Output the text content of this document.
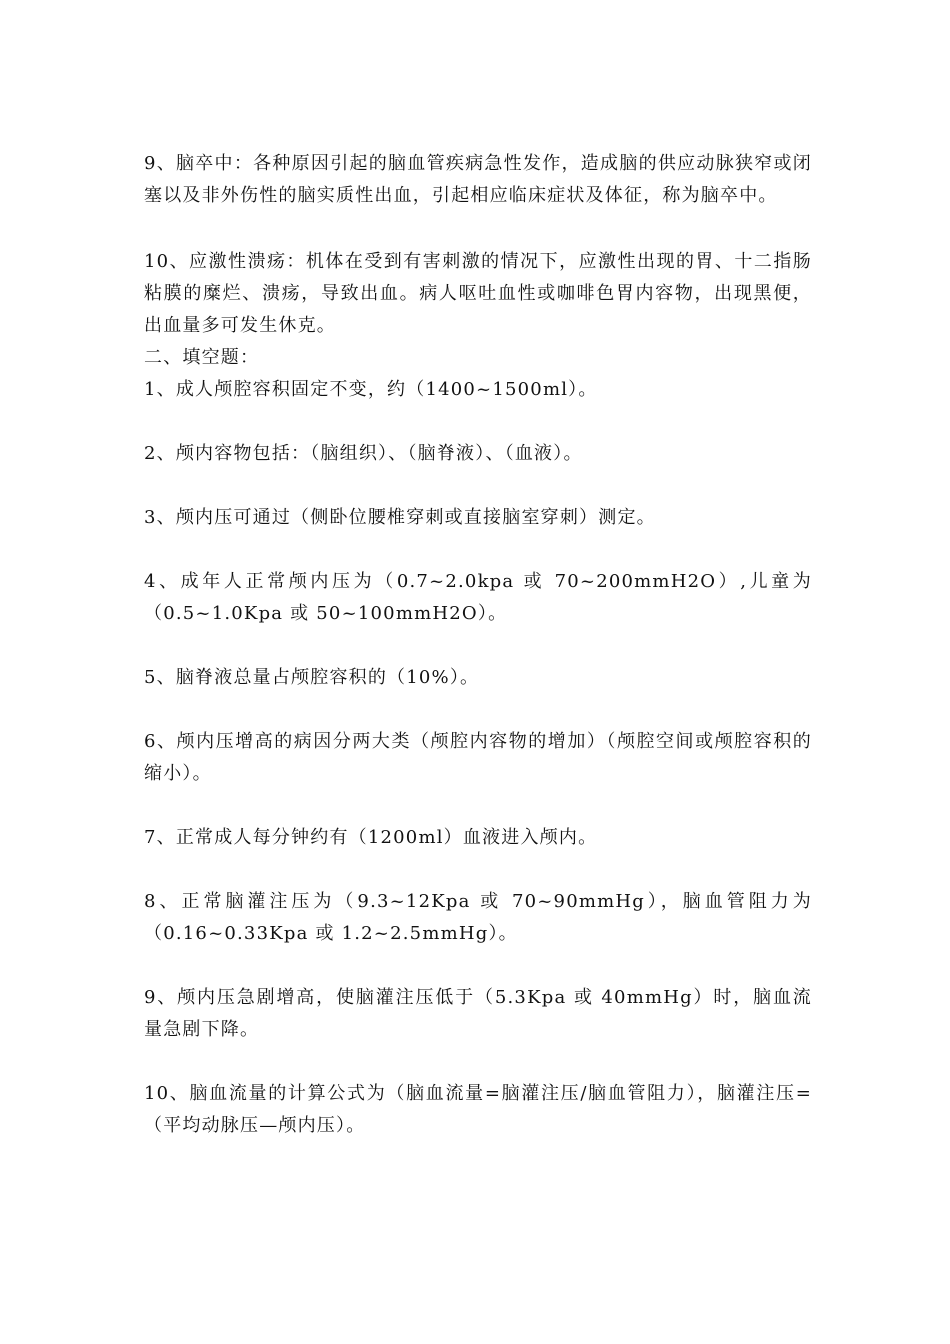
9、脑卒中：各种原因引起的脑血管疾病急性发作，造成脑的供应动脉狭窄或闭塞以及非外伤性的脑实质性出血，引起相应临床症状及体征，称为脑卒中。

10、应激性溃疡：机体在受到有害刺激的情况下，应激性出现的胃、十二指肠粘膜的糜烂、溃疡，导致出血。病人呕吐血性或咖啡色胃内容物，出现黑便，出血量多可发生休克。

二、填空题：

1、成人颅腔容积固定不变，约（1400~1500ml）。

2、颅内容物包括：（脑组织）、（脑脊液）、（血液）。

3、颅内压可通过（侧卧位腰椎穿刺或直接脑室穿刺）测定。

4、成年人正常颅内压为（0.7~2.0kpa 或 70~200mmH2O）,儿童为（0.5~1.0Kpa 或 50~100mmH2O）。

5、脑脊液总量占颅腔容积的（10%）。

6、颅内压增高的病因分两大类（颅腔内容物的增加）（颅腔空间或颅腔容积的缩小）。

7、正常成人每分钟约有（1200ml）血液进入颅内。

8、正常脑灌注压为（9.3~12Kpa 或 70~90mmHg），脑血管阻力为（0.16~0.33Kpa 或 1.2~2.5mmHg）。

9、颅内压急剧增高，使脑灌注压低于（5.3Kpa 或 40mmHg）时，脑血流量急剧下降。

10、脑血流量的计算公式为（脑血流量=脑灌注压/脑血管阻力），脑灌注压=（平均动脉压—颅内压）。
